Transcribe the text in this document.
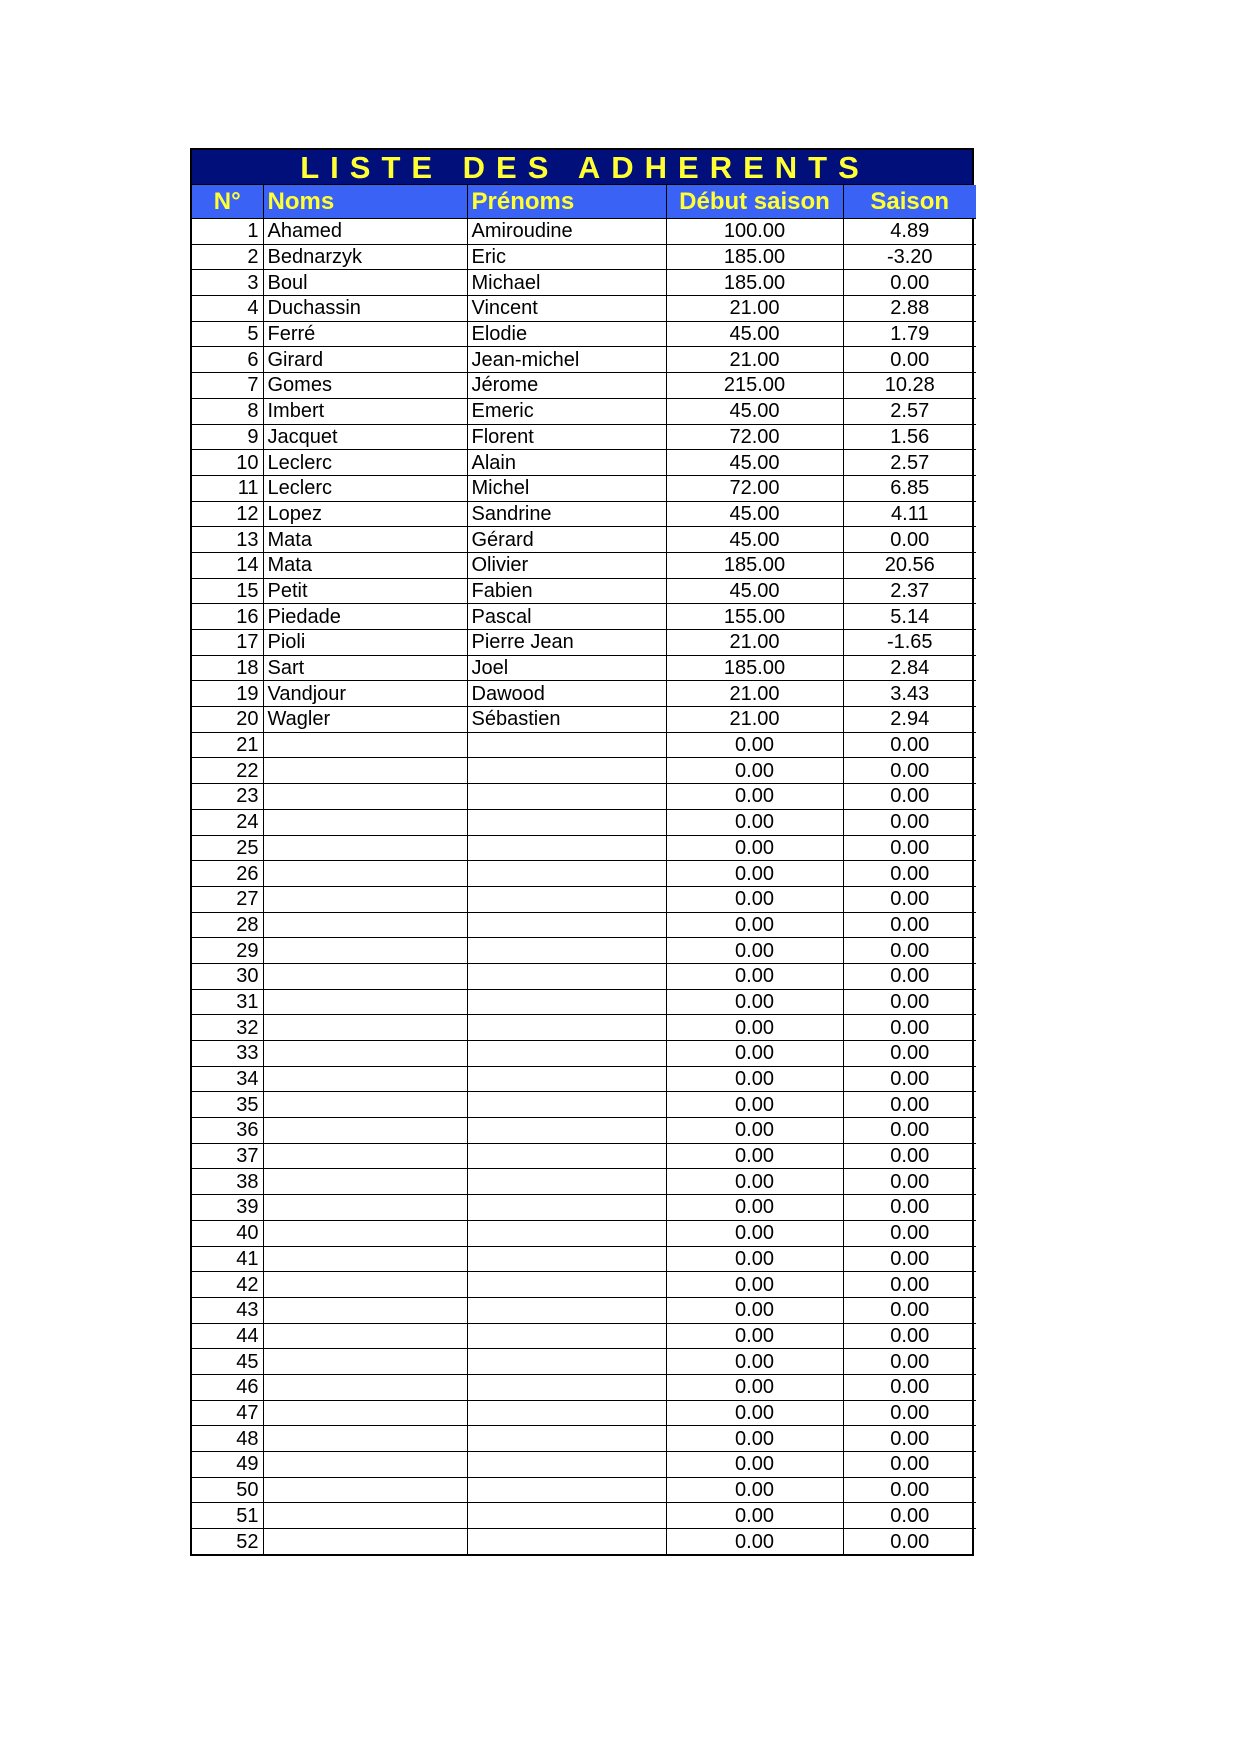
LISTE DES ADHERENTS
N°	Noms	Prénoms	Début saison	Saison
1	Ahamed	Amiroudine	100.00	4.89
2	Bednarzyk	Eric	185.00	-3.20
3	Boul	Michael	185.00	0.00
4	Duchassin	Vincent	21.00	2.88
5	Ferré	Elodie	45.00	1.79
6	Girard	Jean-michel	21.00	0.00
7	Gomes	Jérome	215.00	10.28
8	Imbert	Emeric	45.00	2.57
9	Jacquet	Florent	72.00	1.56
10	Leclerc	Alain	45.00	2.57
11	Leclerc	Michel	72.00	6.85
12	Lopez	Sandrine	45.00	4.11
13	Mata	Gérard	45.00	0.00
14	Mata	Olivier	185.00	20.56
15	Petit	Fabien	45.00	2.37
16	Piedade	Pascal	155.00	5.14
17	Pioli	Pierre Jean	21.00	-1.65
18	Sart	Joel	185.00	2.84
19	Vandjour	Dawood	21.00	3.43
20	Wagler	Sébastien	21.00	2.94
21			0.00	0.00
22			0.00	0.00
23			0.00	0.00
24			0.00	0.00
25			0.00	0.00
26			0.00	0.00
27			0.00	0.00
28			0.00	0.00
29			0.00	0.00
30			0.00	0.00
31			0.00	0.00
32			0.00	0.00
33			0.00	0.00
34			0.00	0.00
35			0.00	0.00
36			0.00	0.00
37			0.00	0.00
38			0.00	0.00
39			0.00	0.00
40			0.00	0.00
41			0.00	0.00
42			0.00	0.00
43			0.00	0.00
44			0.00	0.00
45			0.00	0.00
46			0.00	0.00
47			0.00	0.00
48			0.00	0.00
49			0.00	0.00
50			0.00	0.00
51			0.00	0.00
52			0.00	0.00
